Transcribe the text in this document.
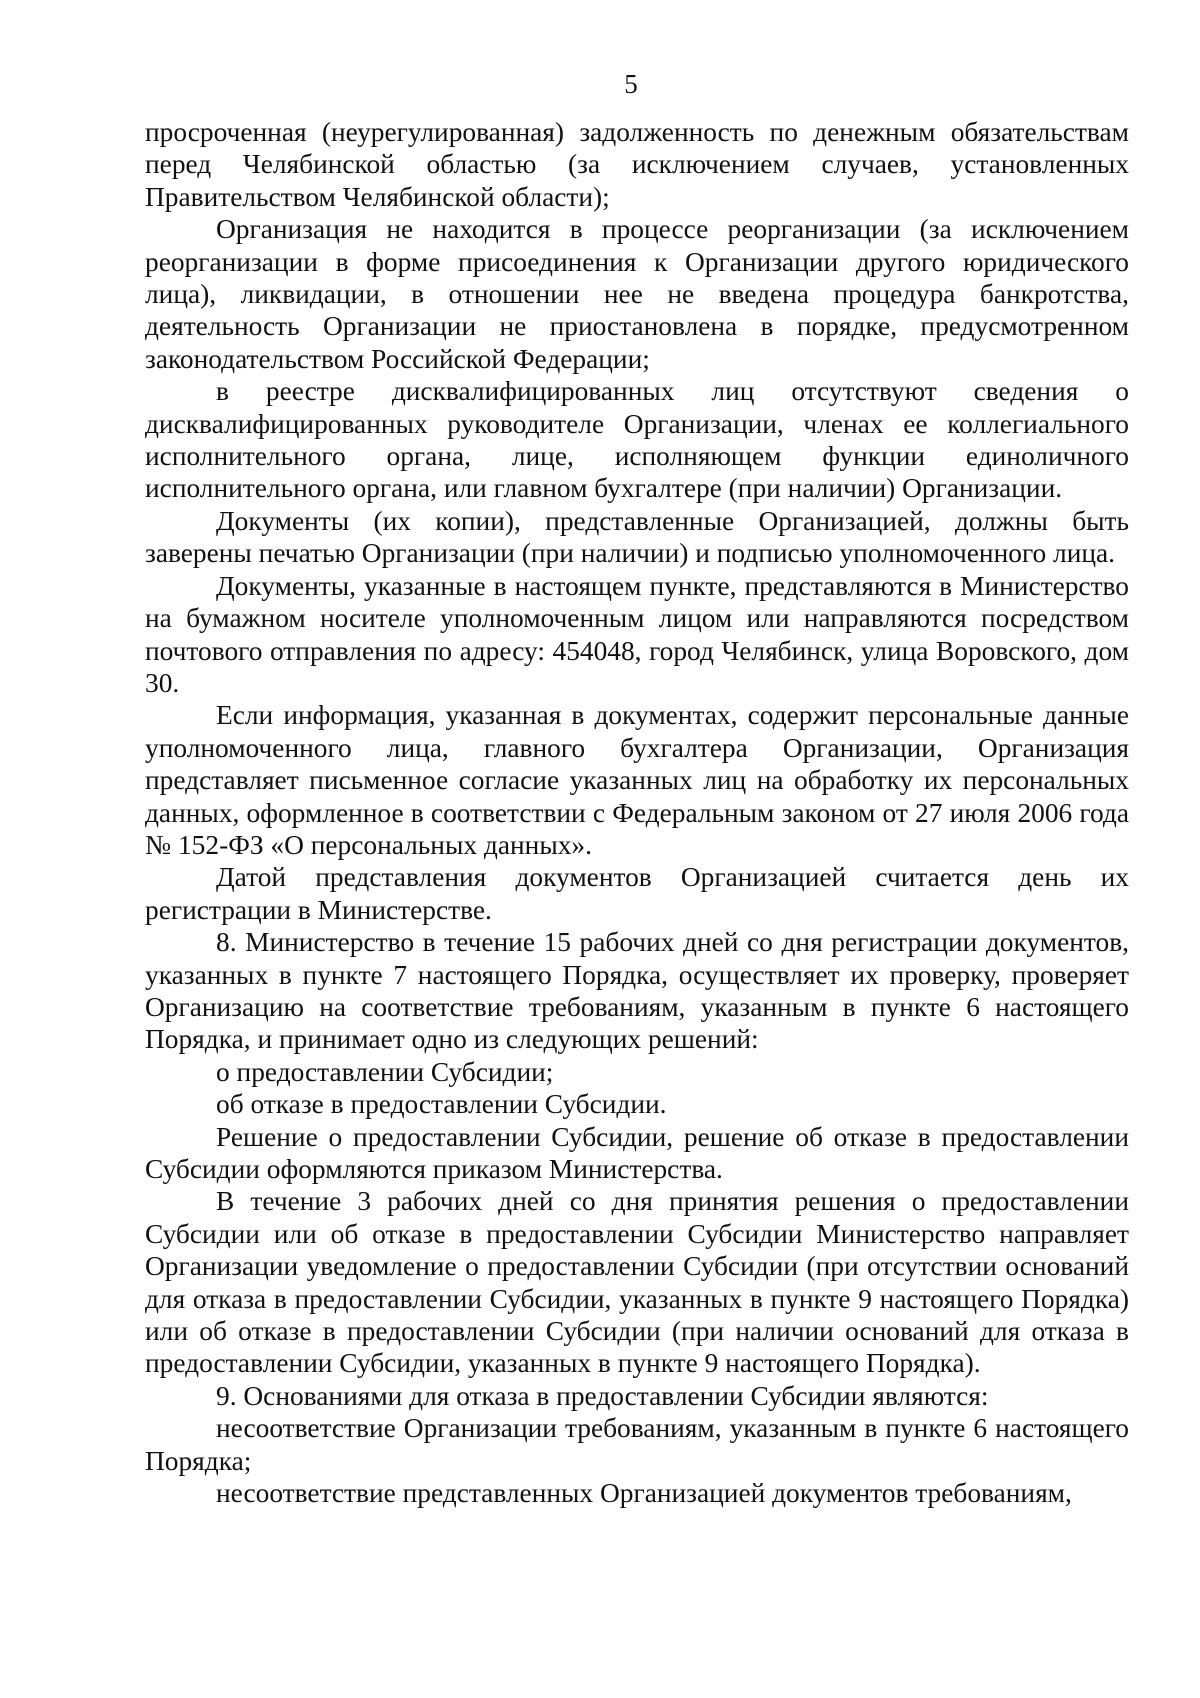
5

просроченная (неурегулированная) задолженность по денежным обязательствам перед Челябинской областью (за исключением случаев, установленных Правительством Челябинской области);

Организация не находится в процессе реорганизации (за исключением реорганизации в форме присоединения к Организации другого юридического лица), ликвидации, в отношении нее не введена процедура банкротства, деятельность Организации не приостановлена в порядке, предусмотренном законодательством Российской Федерации;

в реестре дисквалифицированных лиц отсутствуют сведения о дисквалифицированных руководителе Организации, членах ее коллегиального исполнительного органа, лице, исполняющем функции единоличного исполнительного органа, или главном бухгалтере (при наличии) Организации.

Документы (их копии), представленные Организацией, должны быть заверены печатью Организации (при наличии) и подписью уполномоченного лица.

Документы, указанные в настоящем пункте, представляются в Министерство на бумажном носителе уполномоченным лицом или направляются посредством почтового отправления по адресу: 454048, город Челябинск, улица Воровского, дом 30.

Если информация, указанная в документах, содержит персональные данные уполномоченного лица, главного бухгалтера Организации, Организация представляет письменное согласие указанных лиц на обработку их персональных данных, оформленное в соответствии с Федеральным законом от 27 июля 2006 года № 152-ФЗ «О персональных данных».

Датой представления документов Организацией считается день их регистрации в Министерстве.

8. Министерство в течение 15 рабочих дней со дня регистрации документов, указанных в пункте 7 настоящего Порядка, осуществляет их проверку, проверяет Организацию на соответствие требованиям, указанным в пункте 6 настоящего Порядка, и принимает одно из следующих решений:

о предоставлении Субсидии;

об отказе в предоставлении Субсидии.

Решение о предоставлении Субсидии, решение об отказе в предоставлении Субсидии оформляются приказом Министерства.

В течение 3 рабочих дней со дня принятия решения о предоставлении Субсидии или об отказе в предоставлении Субсидии Министерство направляет Организации уведомление о предоставлении Субсидии (при отсутствии оснований для отказа в предоставлении Субсидии, указанных в пункте 9 настоящего Порядка) или об отказе в предоставлении Субсидии (при наличии оснований для отказа в предоставлении Субсидии, указанных в пункте 9 настоящего Порядка).

9. Основаниями для отказа в предоставлении Субсидии являются:

несоответствие Организации требованиям, указанным в пункте 6 настоящего Порядка;

несоответствие представленных Организацией документов требованиям,
